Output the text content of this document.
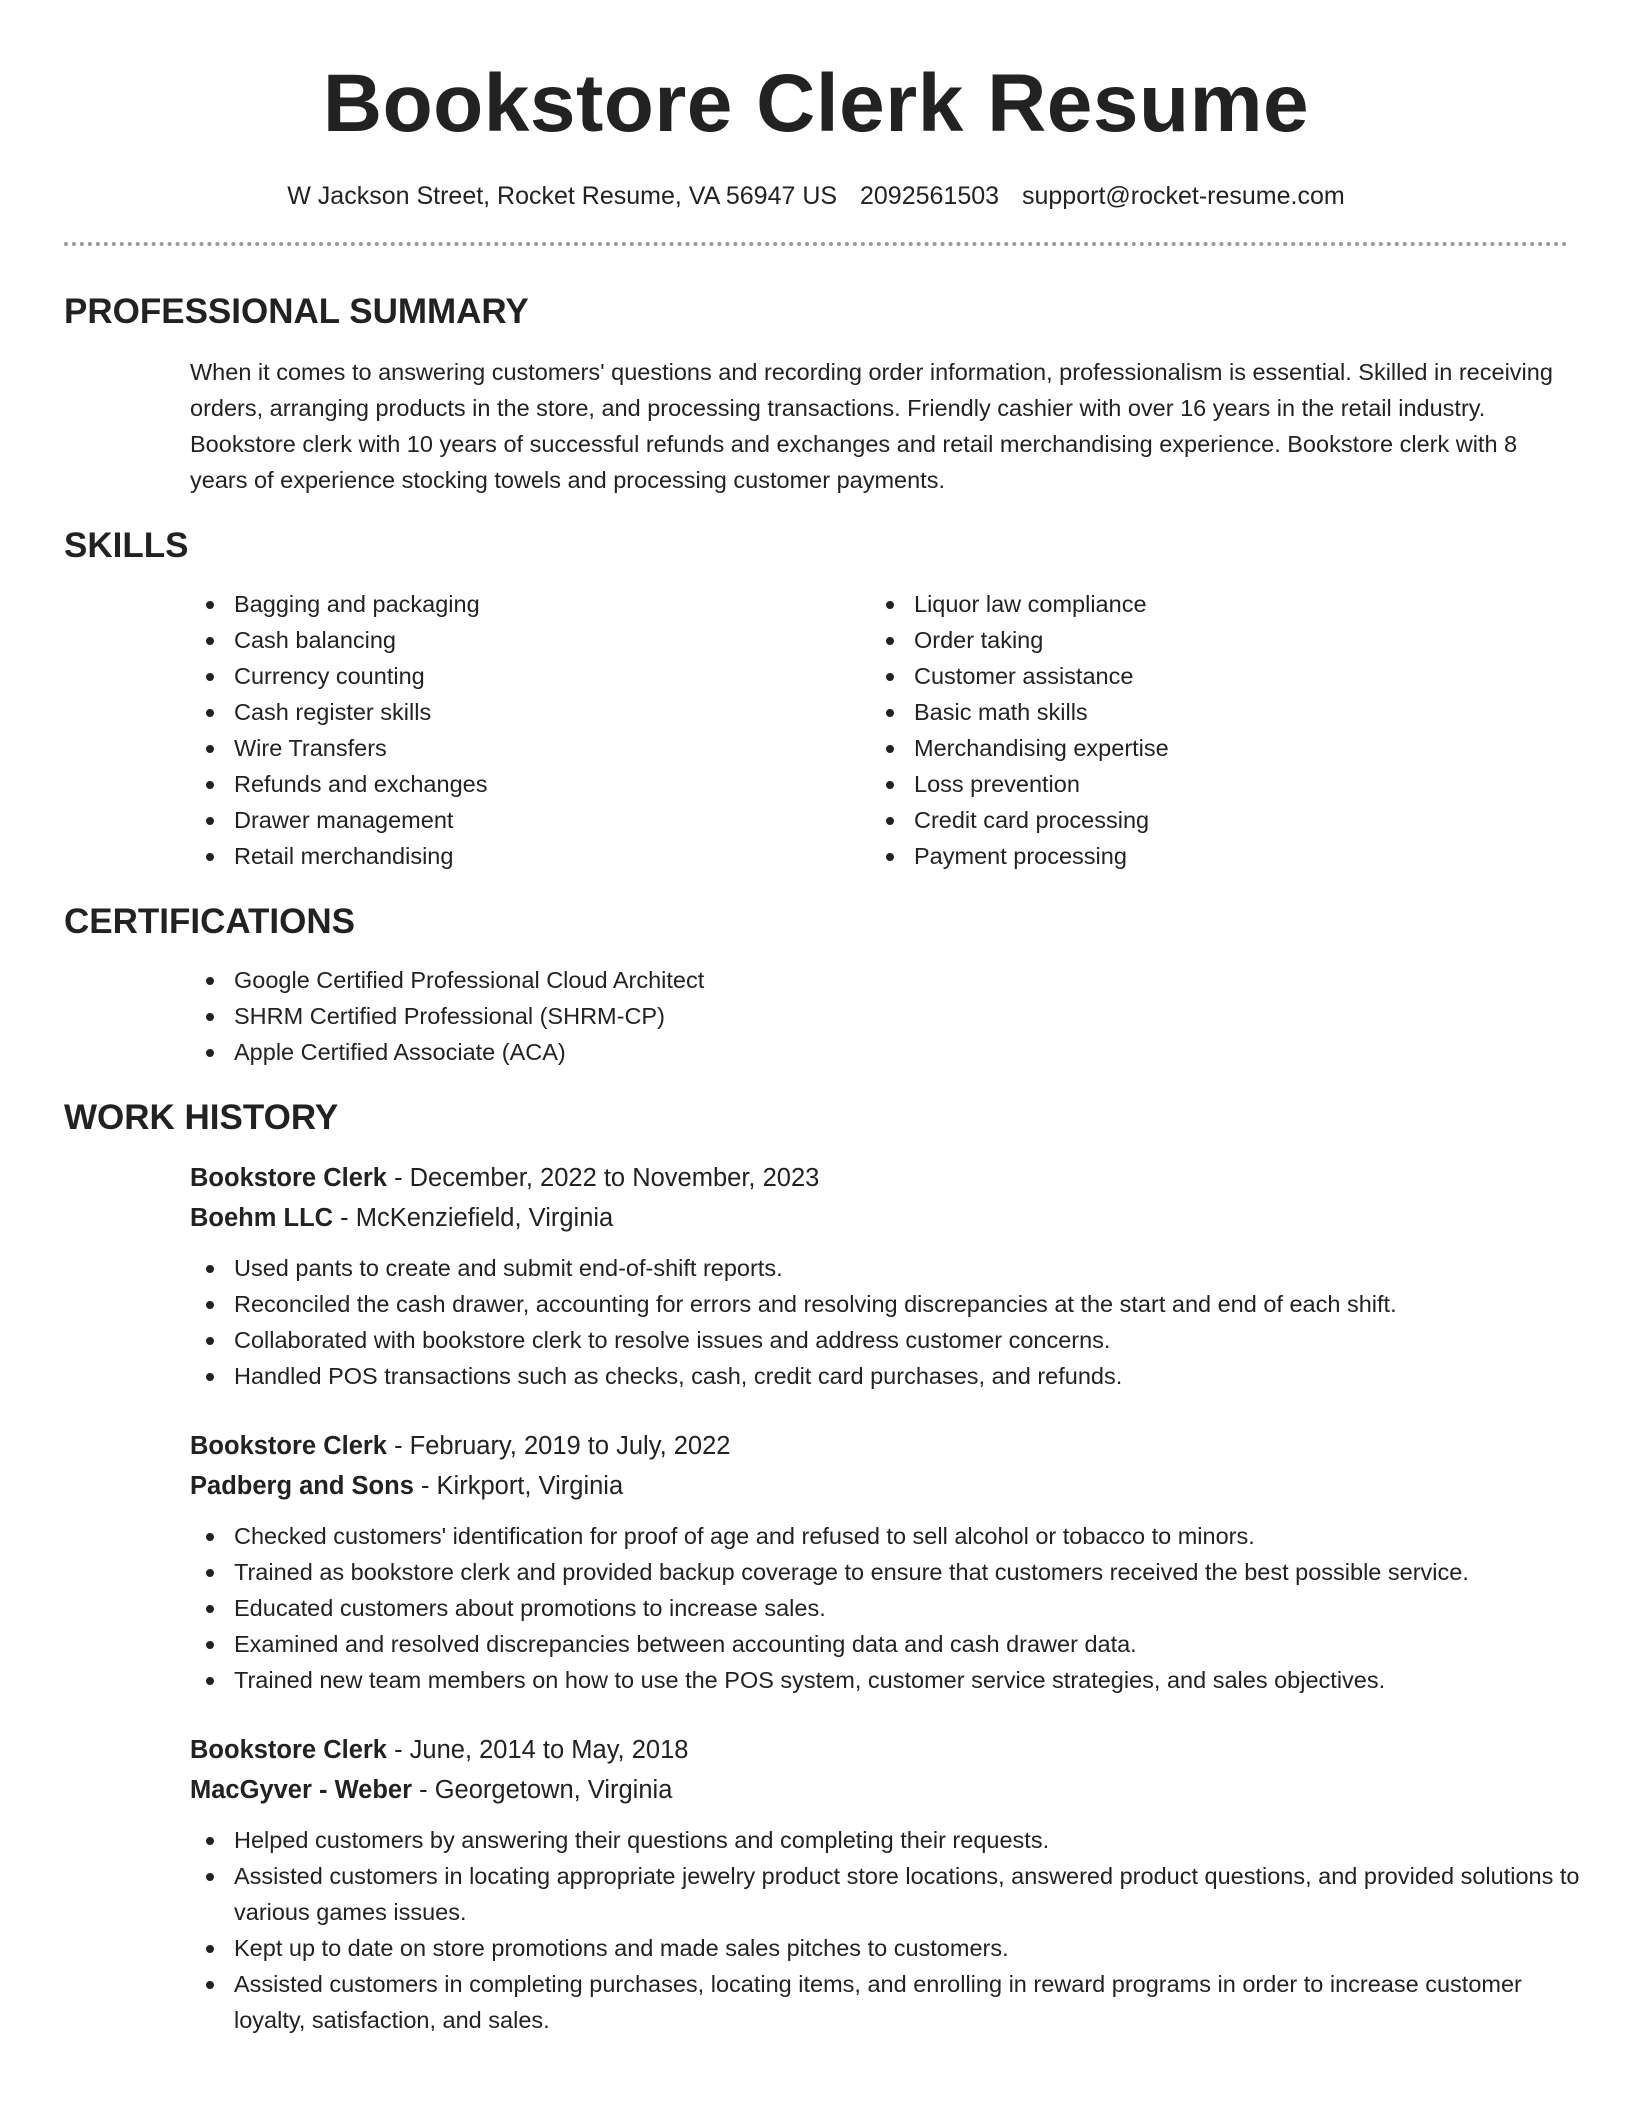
Bookstore Clerk Resume
W Jackson Street, Rocket Resume, VA 56947 US 2092561503 support@rocket-resume.com
PROFESSIONAL SUMMARY

When it comes to answering customers' questions and recording order information, professionalism is essential. Skilled in receiving orders, arranging products in the store, and processing transactions. Friendly cashier with over 16 years in the retail industry. Bookstore clerk with 10 years of successful refunds and exchanges and retail merchandising experience. Bookstore clerk with 8 years of experience stocking towels and processing customer payments.

SKILLS
Bagging and packaging
Cash balancing
Currency counting
Cash register skills
Wire Transfers
Refunds and exchanges
Drawer management
Retail merchandising
Liquor law compliance
Order taking
Customer assistance
Basic math skills
Merchandising expertise
Loss prevention
Credit card processing
Payment processing
CERTIFICATIONS
Google Certified Professional Cloud Architect
SHRM Certified Professional (SHRM-CP)
Apple Certified Associate (ACA)
WORK HISTORY
Bookstore Clerk - December, 2022 to November, 2023
Boehm LLC - McKenziefield, Virginia
Used pants to create and submit end-of-shift reports.
Reconciled the cash drawer, accounting for errors and resolving discrepancies at the start and end of each shift.
Collaborated with bookstore clerk to resolve issues and address customer concerns.
Handled POS transactions such as checks, cash, credit card purchases, and refunds.
Bookstore Clerk - February, 2019 to July, 2022
Padberg and Sons - Kirkport, Virginia
Checked customers' identification for proof of age and refused to sell alcohol or tobacco to minors.
Trained as bookstore clerk and provided backup coverage to ensure that customers received the best possible service.
Educated customers about promotions to increase sales.
Examined and resolved discrepancies between accounting data and cash drawer data.
Trained new team members on how to use the POS system, customer service strategies, and sales objectives.
Bookstore Clerk - June, 2014 to May, 2018
MacGyver - Weber - Georgetown, Virginia
Helped customers by answering their questions and completing their requests.
Assisted customers in locating appropriate jewelry product store locations, answered product questions, and provided solutions to various games issues.
Kept up to date on store promotions and made sales pitches to customers.
Assisted customers in completing purchases, locating items, and enrolling in reward programs in order to increase customer loyalty, satisfaction, and sales.
